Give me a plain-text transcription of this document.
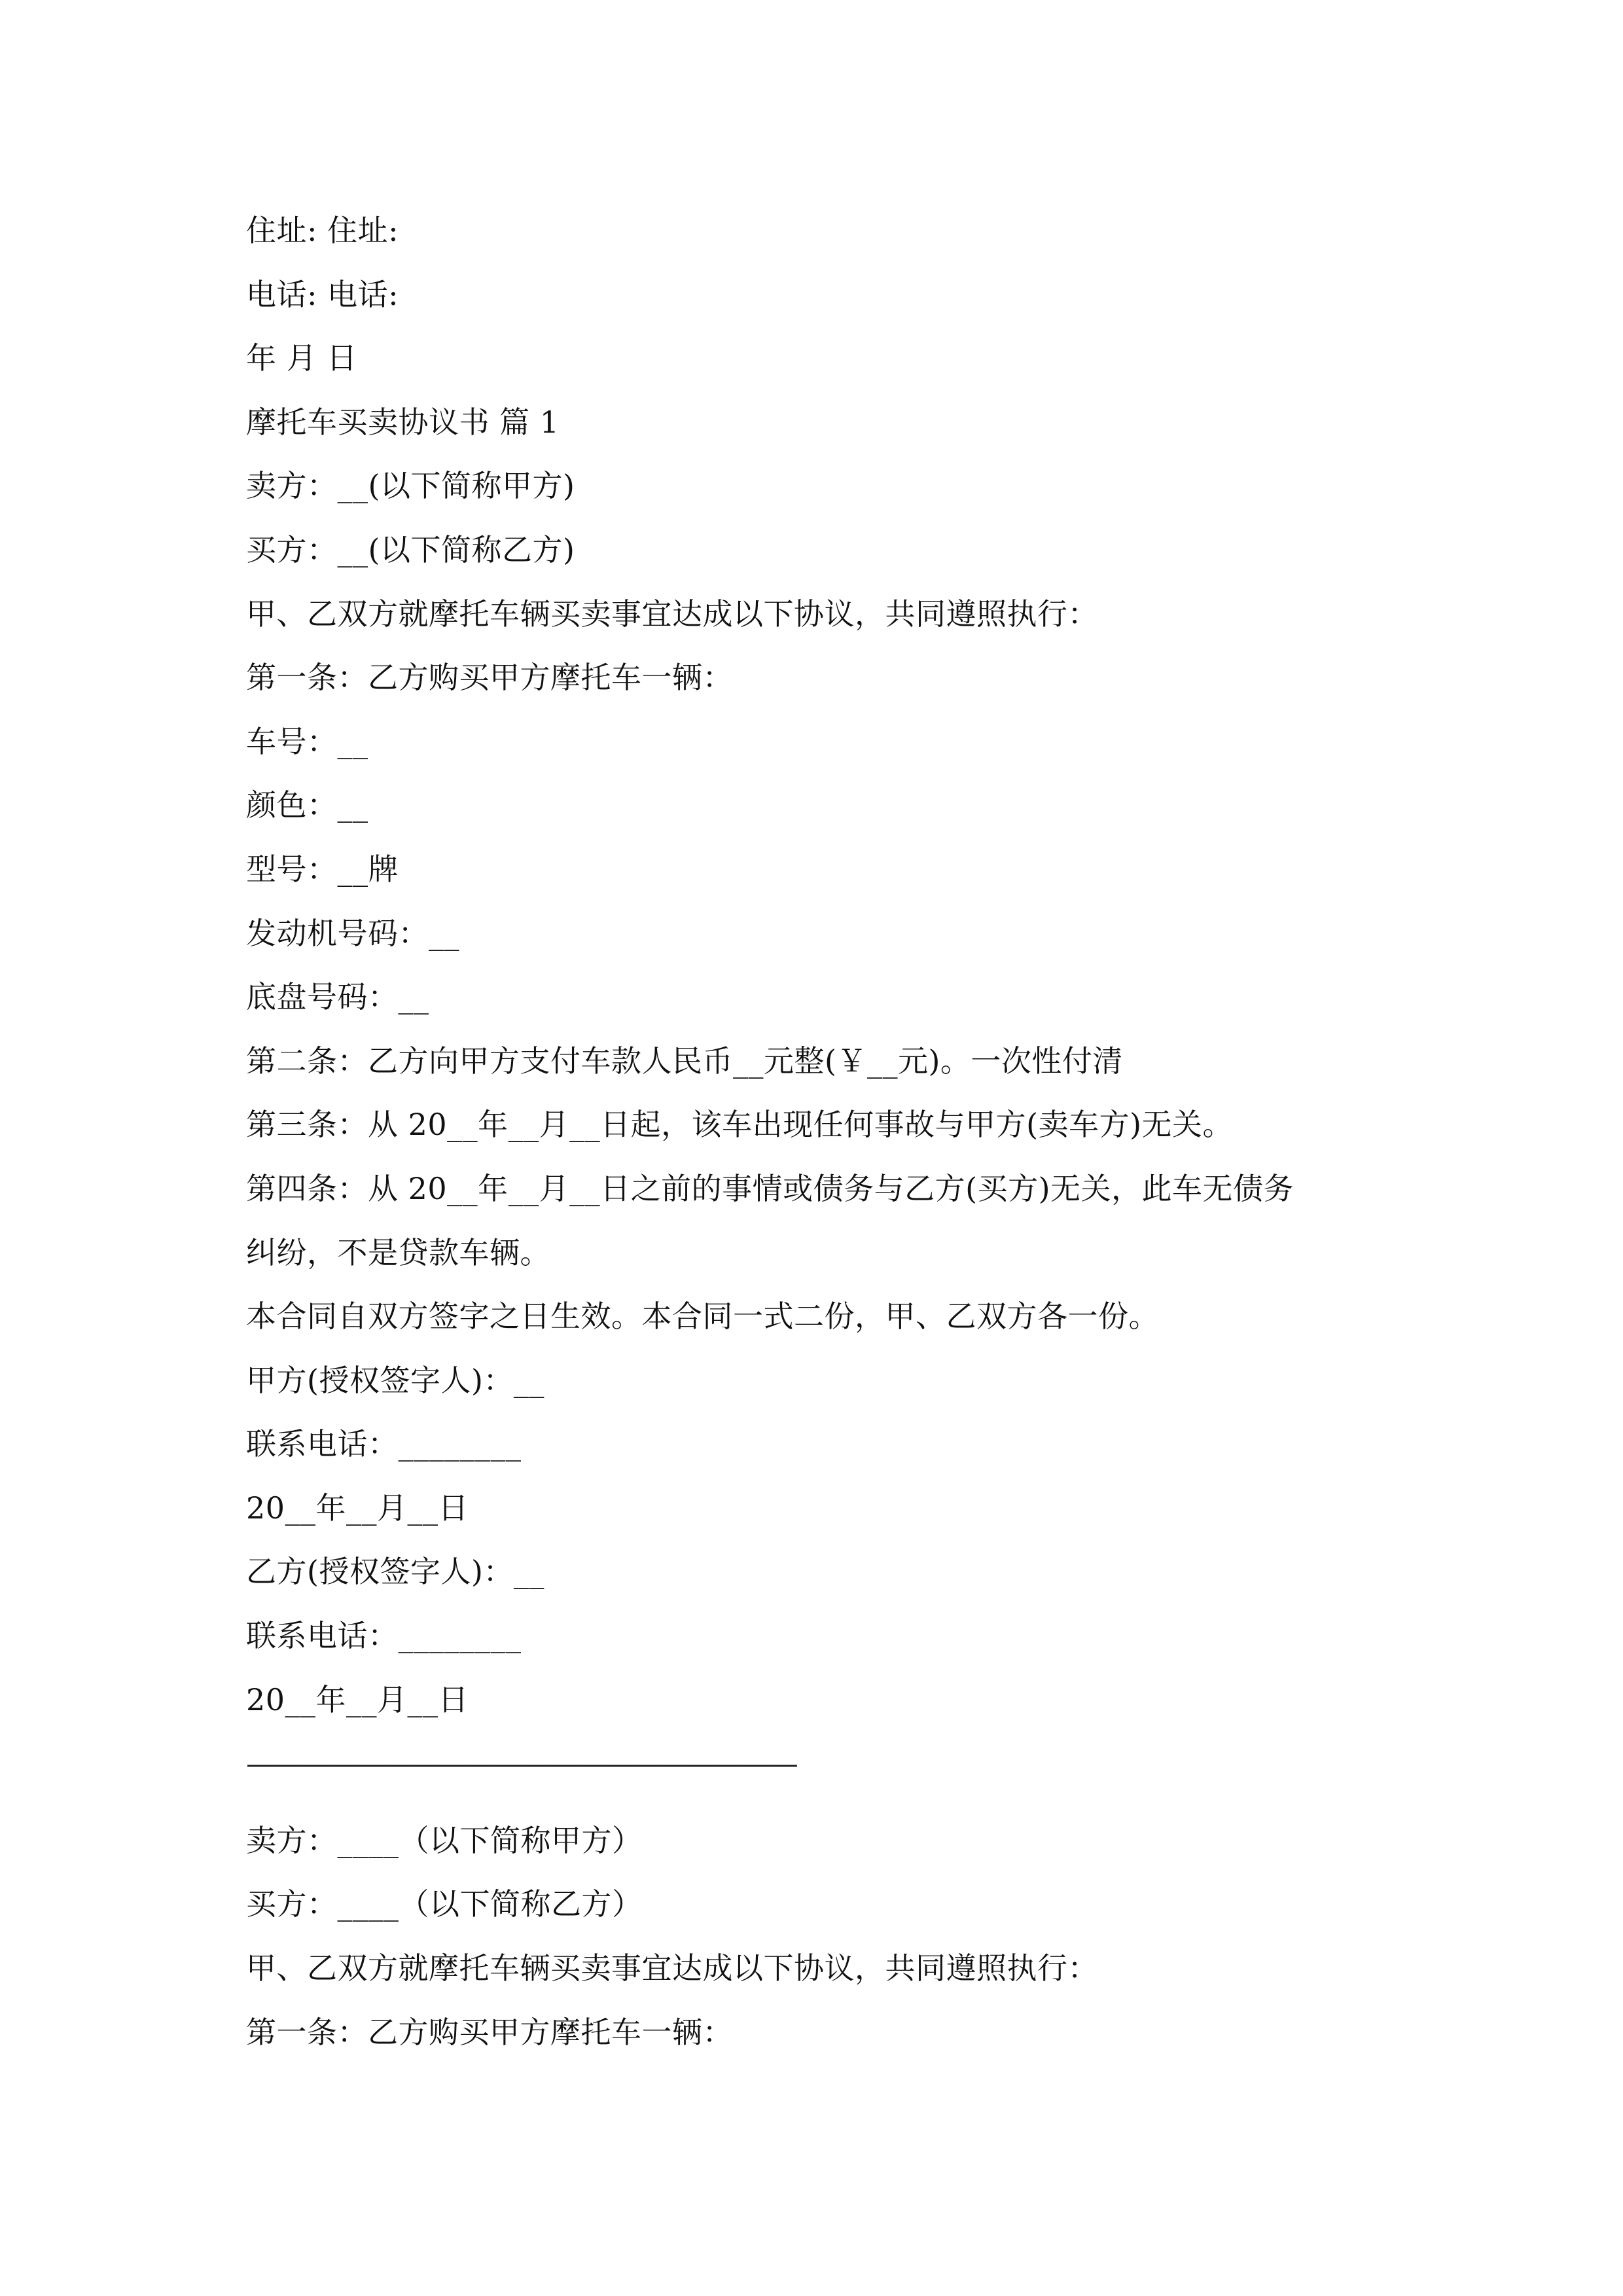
住址: 住址:
电话: 电话:
年 月 日
摩托车买卖协议书 篇 1
卖方：__(以下简称甲方)
买方：__(以下简称乙方)
甲、乙双方就摩托车辆买卖事宜达成以下协议，共同遵照执行：
第一条：乙方购买甲方摩托车一辆：
车号：__
颜色：__
型号：__牌
发动机号码：__
底盘号码：__
第二条：乙方向甲方支付车款人民币__元整(￥__元)。一次性付清
第三条：从 20__年__月__日起，该车出现任何事故与甲方(卖车方)无关。
第四条：从 20__年__月__日之前的事情或债务与乙方(买方)无关，此车无债务
纠纷，不是贷款车辆。
本合同自双方签字之日生效。本合同一式二份，甲、乙双方各一份。
甲方(授权签字人)：__
联系电话：________
20__年__月__日
乙方(授权签字人)：__
联系电话：________
20__年__月__日
————————————————————
卖方：____（以下简称甲方）
买方：____（以下简称乙方）
甲、乙双方就摩托车辆买卖事宜达成以下协议，共同遵照执行：
第一条：乙方购买甲方摩托车一辆：
